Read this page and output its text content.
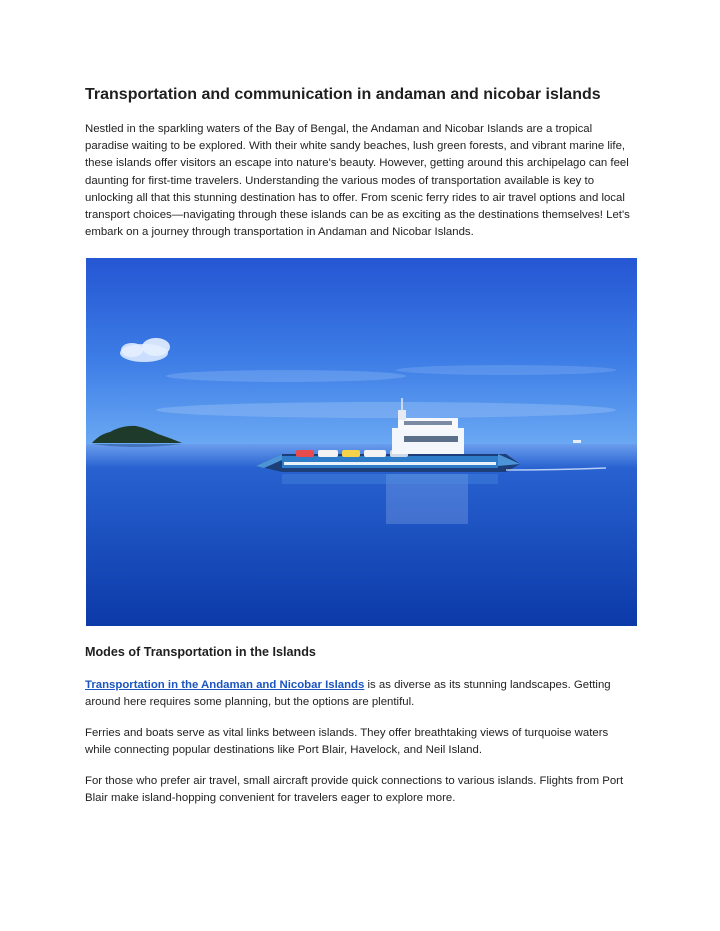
Transportation and communication in andaman and nicobar islands

Nestled in the sparkling waters of the Bay of Bengal, the Andaman and Nicobar Islands are a tropical paradise waiting to be explored. With their white sandy beaches, lush green forests, and vibrant marine life, these islands offer visitors an escape into nature's beauty. However, getting around this archipelago can feel daunting for first-time travelers. Understanding the various modes of transportation available is key to unlocking all that this stunning destination has to offer. From scenic ferry rides to air travel options and local transport choices—navigating through these islands can be as exciting as the destinations themselves! Let's embark on a journey through transportation in Andaman and Nicobar Islands.

Modes of Transportation in the Islands

Transportation in the Andaman and Nicobar Islands is as diverse as its stunning landscapes. Getting around here requires some planning, but the options are plentiful.

Ferries and boats serve as vital links between islands. They offer breathtaking views of turquoise waters while connecting popular destinations like Port Blair, Havelock, and Neil Island.

For those who prefer air travel, small aircraft provide quick connections to various islands. Flights from Port Blair make island-hopping convenient for travelers eager to explore more.
